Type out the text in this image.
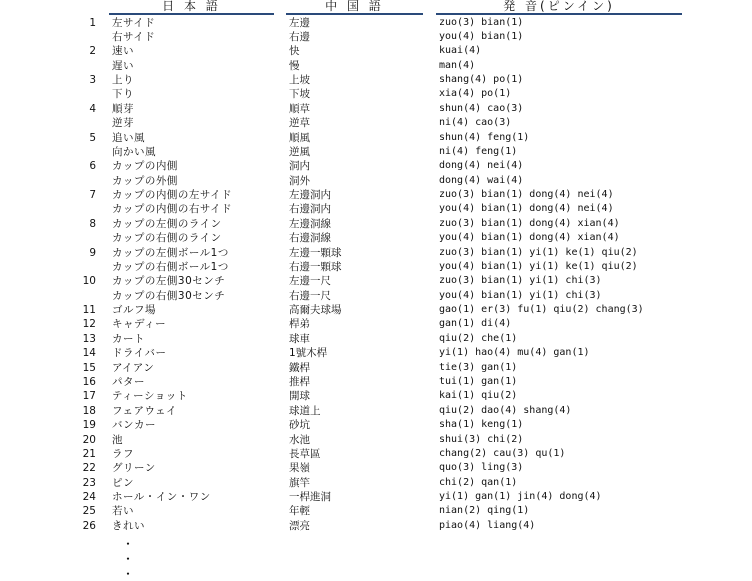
日 本 語	中 国 語	発 音(ピンイン)
1 左サイド	左邊	zuo(3) bian(1)
右サイド	右邊	you(4) bian(1)
2 速い	快	kuai(4)
遅い	慢	man(4)
3 上り	上坡	shang(4) po(1)
下り	下坡	xia(4) po(1)
4 順芽	順草	shun(4) cao(3)
逆芽	逆草	ni(4) cao(3)
5 追い風	順風	shun(4) feng(1)
向かい風	逆風	ni(4) feng(1)
6 カップの内側	洞内	dong(4) nei(4)
カップの外側	洞外	dong(4) wai(4)
7 カップの内側の左サイド	左邊洞内	zuo(3) bian(1) dong(4) nei(4)
カップの内側の右サイド	右邊洞内	you(4) bian(1) dong(4) nei(4)
8 カップの左側のライン	左邊洞線	zuo(3) bian(1) dong(4) xian(4)
カップの右側のライン	右邊洞線	you(4) bian(1) dong(4) xian(4)
9 カップの左側ボール1つ	左邊一顆球	zuo(3) bian(1) yi(1) ke(1) qiu(2)
カップの右側ボール1つ	右邊一顆球	you(4) bian(1) yi(1) ke(1) qiu(2)
10 カップの左側30センチ	左邊一尺	zuo(3) bian(1) yi(1) chi(3)
カップの右側30センチ	右邊一尺	you(4) bian(1) yi(1) chi(3)
11 ゴルフ場	高爾夫球場	gao(1) er(3) fu(1) qiu(2) chang(3)
12 キャディー	桿弟	gan(1) di(4)
13 カート	球車	qiu(2) che(1)
14 ドライバー	1號木桿	yi(1) hao(4) mu(4) gan(1)
15 アイアン	鐵桿	tie(3) gan(1)
16 パター	推桿	tui(1) gan(1)
17 ティーショット	開球	kai(1) qiu(2)
18 フェアウェイ	球道上	qiu(2) dao(4) shang(4)
19 バンカー	砂坑	sha(1) keng(1)
20 池	水池	shui(3) chi(2)
21 ラフ	長草區	chang(2) cau(3) qu(1)
22 グリーン	果嶺	quo(3) ling(3)
23 ピン	旗竿	chi(2) qan(1)
24 ホール・イン・ワン	一桿進洞	yi(1) gan(1) jin(4) dong(4)
25 若い	年輕	nian(2) qing(1)
26 きれい	漂亮	piao(4) liang(4)
・
・
・
